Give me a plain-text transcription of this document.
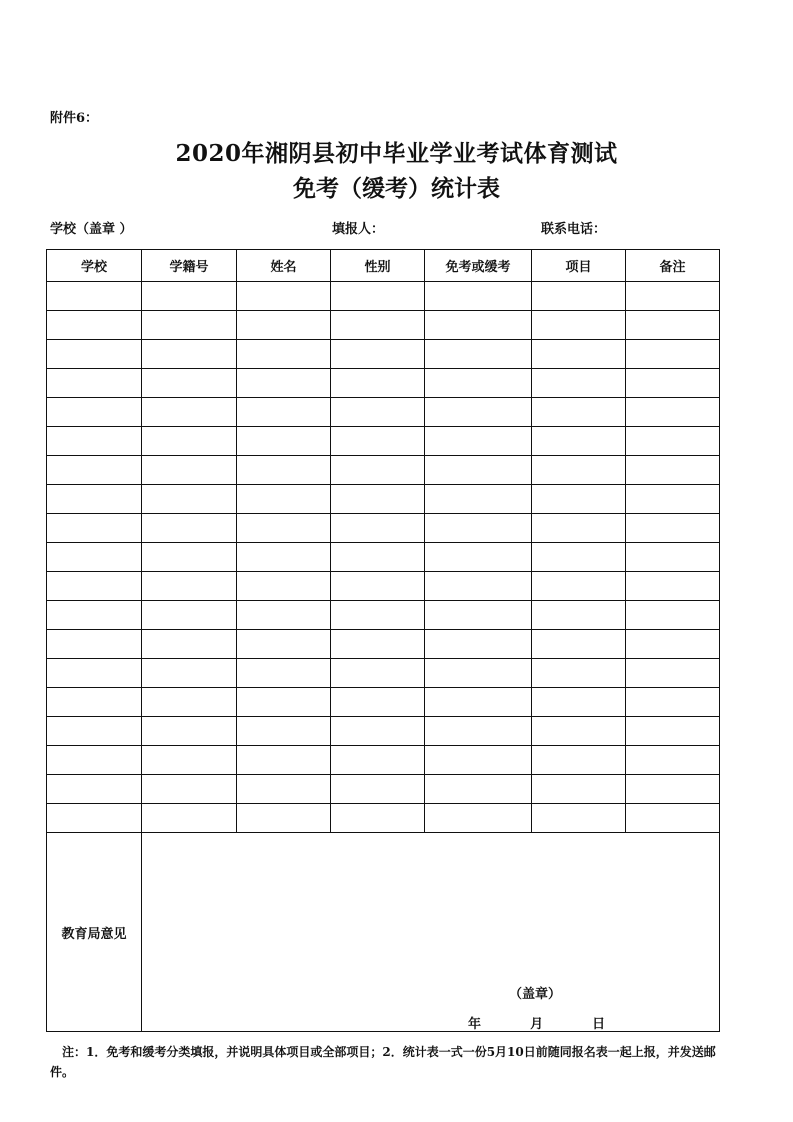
附件6：
2020年湘阴县初中毕业学业考试体育测试
免考（缓考）统计表
学校（盖章 ）	填报人：	联系电话：
学校	学籍号	姓名	性别	免考或缓考	项目	备注

教育局意见	（盖章）
年 月 日					
注：1．免考和缓考分类填报，并说明具体项目或全部项目；2．统计表一式一份5月10日前随同报名表一起上报，并发送邮件。
